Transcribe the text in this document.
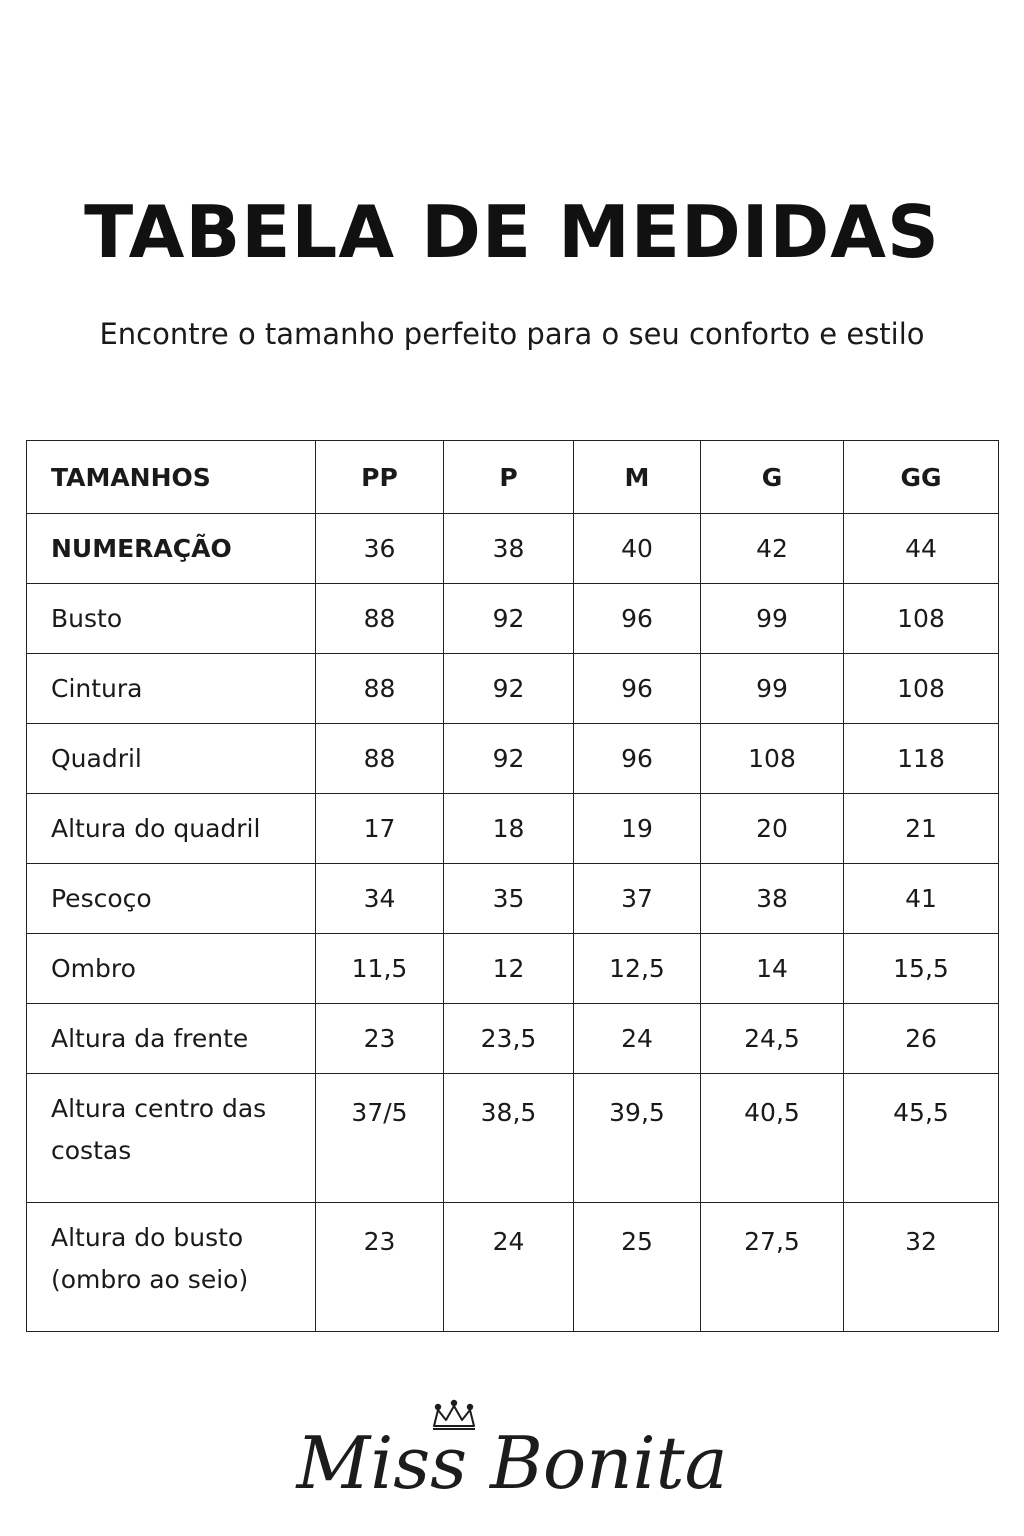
TABELA DE MEDIDAS

Encontre o tamanho perfeito para o seu conforto e estilo

TAMANHOS	PP	P	M	G	GG
NUMERAÇÃO	36	38	40	42	44
Busto	88	92	96	99	108
Cintura	88	92	96	99	108
Quadril	88	92	96	108	118
Altura do quadril	17	18	19	20	21
Pescoço	34	35	37	38	41
Ombro	11,5	12	12,5	14	15,5
Altura da frente	23	23,5	24	24,5	26
Altura centro das costas	37/5	38,5	39,5	40,5	45,5
Altura do busto (ombro ao seio)	23	24	25	27,5	32
Miss Bonita
